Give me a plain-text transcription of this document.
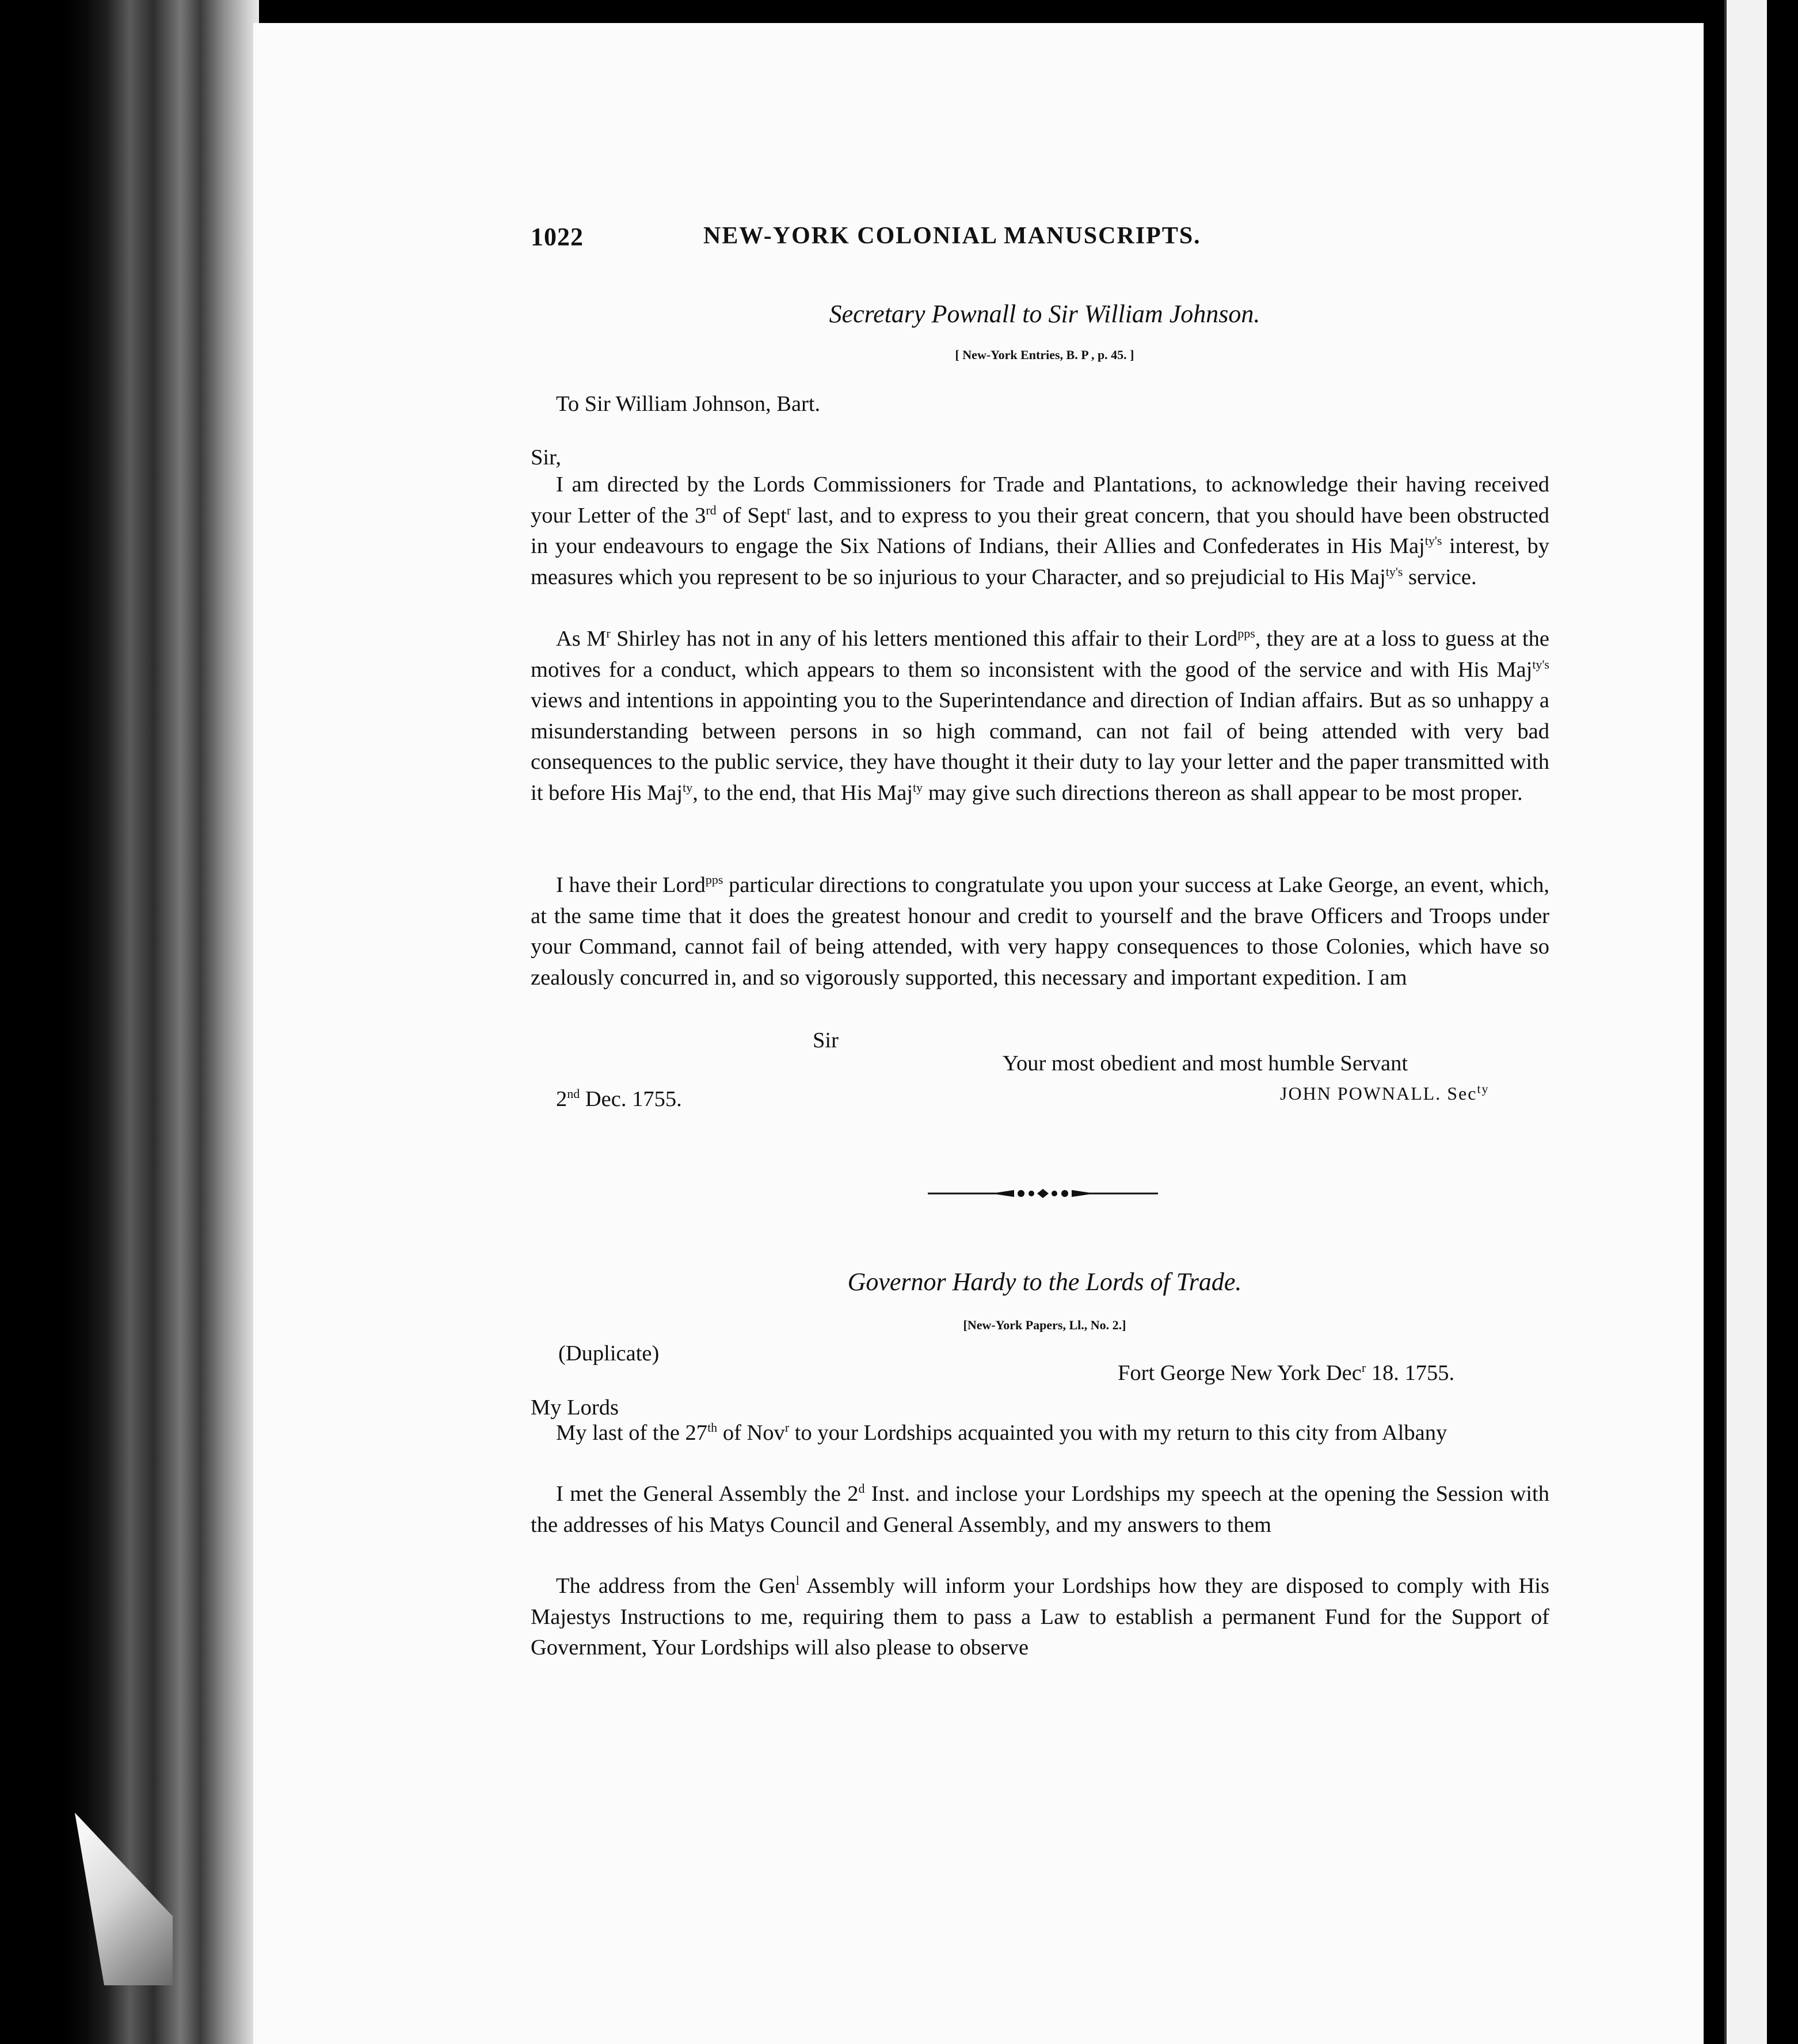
1022	NEW-YORK COLONIAL MANUSCRIPTS.
Secretary Pownall to Sir William Johnson.
[ New-York Entries, B. P , p. 45. ]
To Sir William Johnson, Bart.
Sir,
I am directed by the Lords Commissioners for Trade and Plantations, to acknowledge their having received your Letter of the 3rd of Sept$^r$ last, and to express to you their great concern, that you should have been obstructed in your endeavours to engage the Six Nations of Indians, their Allies and Confederates in His Maj$^{ty's}$ interest, by measures which you represent to be so injurious to your Character, and so prejudicial to His Maj$^{ty's}$ service.
As $M^r$ Shirley has not in any of his letters mentioned this affair to their Lord$^{pps}$, they are at a loss to guess at the motives for a conduct, which appears to them so inconsistent with the good of the service and with His Maj$^{ty's}$ views and intentions in appointing you to the Superintendance and direction of Indian affairs. But as so unhappy a misunderstanding between persons in so high command, can not fail of being attended with very bad consequences to the public service, they have thought it their duty to lay your letter and the paper transmitted with it before His Maj$^{ty}$, to the end, that His Maj$^{ty}$ may give such directions thereon as shall appear to be most proper.
I have their Lord$^{pps}$ particular directions to congratulate you upon your success at Lake George, an event, which, at the same time that it does the greatest honour and credit to yourself and the brave Officers and Troops under your Command, cannot fail of being attended, with very happy consequences to those Colonies, which have so zealously concurred in, and so vigorously supported, this necessary and important expedition. I am
Sir
Your most obedient and most humble Servant
2nd Dec. 1755.	JOHN POWNALL. Sec$^{ty}$
Governor Hardy to the Lords of Trade.
[New-York Papers, Ll., No. 2.]
(Duplicate)
Fort George New York Dec$^r$ 18. 1755.
My Lords
My last of the 27th of Nov$^r$ to your Lordships acquainted you with my return to this city from Albany
I met the General Assembly the 2$^d$ Inst. and inclose your Lordships my speech at the opening the Session with the addresses of his Matys Council and General Assembly, and my answers to them
The address from the Gen$^l$ Assembly will inform your Lordships how they are disposed to comply with His Majestys Instructions to me, requiring them to pass a Law to establish a permanent Fund for the Support of Government, Your Lordships will also please to observe
